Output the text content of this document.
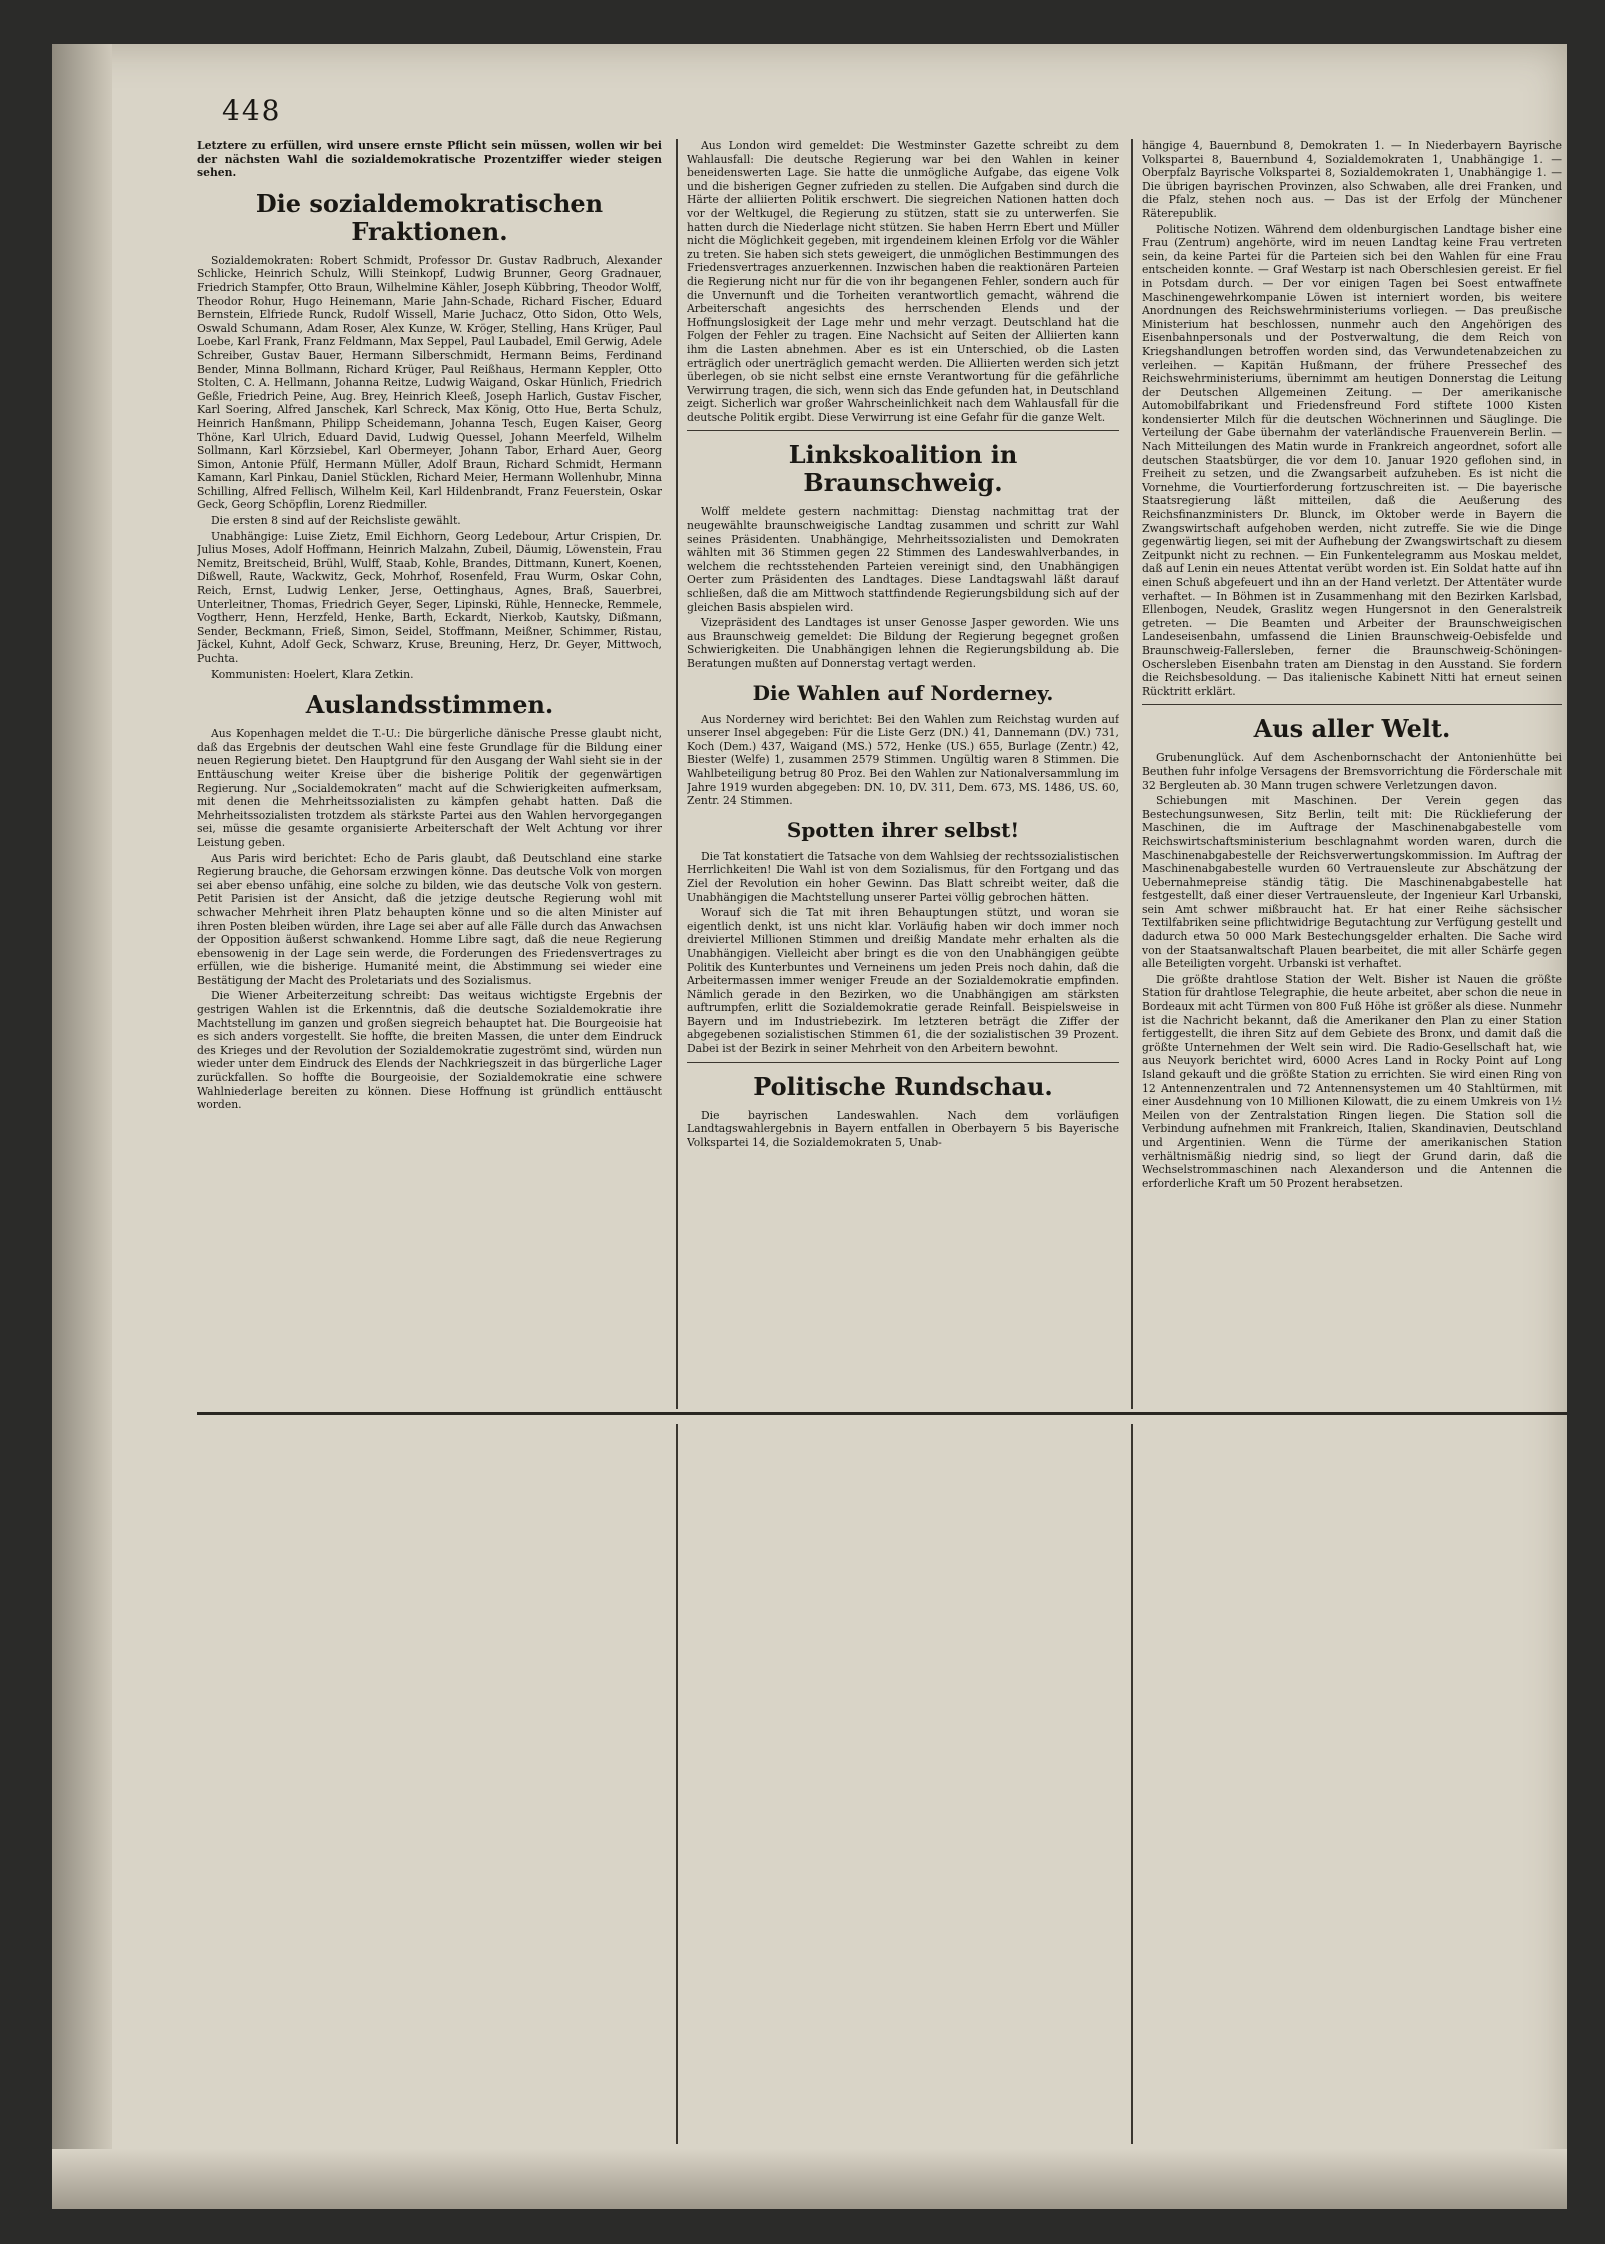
448

Letztere zu erfüllen, wird unsere ernste Pflicht sein müssen, wollen wir bei der nächsten Wahl die sozialdemokratische Prozentziffer wieder steigen sehen.

Die sozialdemokratischen Fraktionen.

Sozialdemokraten: Robert Schmidt, Professor Dr. Gustav Radbruch, Alexander Schlicke, Heinrich Schulz, Willi Steinkopf, Ludwig Brunner, Georg Gradnauer, Friedrich Stampfer, Otto Braun, Wilhelmine Kähler, Joseph Kübbring, Theodor Wolff, Theodor Rohur, Hugo Heinemann, Marie Jahn-Schade, Richard Fischer, Eduard Bernstein, Elfriede Runck, Rudolf Wissell, Marie Juchacz, Otto Sidon, Otto Wels, Oswald Schumann, Adam Roser, Alex Kunze, W. Kröger, Stelling, Hans Krüger, Paul Loebe, Karl Frank, Franz Feldmann, Max Seppel, Paul Laubadel, Emil Gerwig, Adele Schreiber, Gustav Bauer, Hermann Silberschmidt, Hermann Beims, Ferdinand Bender, Minna Bollmann, Richard Krüger, Paul Reißhaus, Hermann Keppler, Otto Stolten, C. A. Hellmann, Johanna Reitze, Ludwig Waigand, Oskar Hünlich, Friedrich Geßle, Friedrich Peine, Aug. Brey, Heinrich Kleeß, Joseph Harlich, Gustav Fischer, Karl Soering, Alfred Janschek, Karl Schreck, Max König, Otto Hue, Berta Schulz, Heinrich Hanßmann, Philipp Scheidemann, Johanna Tesch, Eugen Kaiser, Georg Thöne, Karl Ulrich, Eduard David, Ludwig Quessel, Johann Meerfeld, Wilhelm Sollmann, Karl Körzsiebel, Karl Obermeyer, Johann Tabor, Erhard Auer, Georg Simon, Antonie Pfülf, Hermann Müller, Adolf Braun, Richard Schmidt, Hermann Kamann, Karl Pinkau, Daniel Stücklen, Richard Meier, Hermann Wollenhubr, Minna Schilling, Alfred Fellisch, Wilhelm Keil, Karl Hildenbrandt, Franz Feuerstein, Oskar Geck, Georg Schöpflin, Lorenz Riedmiller.

Die ersten 8 sind auf der Reichsliste gewählt.

Unabhängige: Luise Zietz, Emil Eichhorn, Georg Ledebour, Artur Crispien, Dr. Julius Moses, Adolf Hoffmann, Heinrich Malzahn, Zubeil, Däumig, Löwenstein, Frau Nemitz, Breitscheid, Brühl, Wulff, Staab, Kohle, Brandes, Dittmann, Kunert, Koenen, Dißwell, Raute, Wackwitz, Geck, Mohrhof, Rosenfeld, Frau Wurm, Oskar Cohn, Reich, Ernst, Ludwig Lenker, Jerse, Oettinghaus, Agnes, Braß, Sauerbrei, Unterleitner, Thomas, Friedrich Geyer, Seger, Lipinski, Rühle, Hennecke, Remmele, Vogtherr, Henn, Herzfeld, Henke, Barth, Eckardt, Nierkob, Kautsky, Dißmann, Sender, Beckmann, Frieß, Simon, Seidel, Stoffmann, Meißner, Schimmer, Ristau, Jäckel, Kuhnt, Adolf Geck, Schwarz, Kruse, Breuning, Herz, Dr. Geyer, Mittwoch, Puchta.

Kommunisten: Hoelert, Klara Zetkin.

Auslandsstimmen.

Aus Kopenhagen meldet die T.-U.: Die bürgerliche dänische Presse glaubt nicht, daß das Ergebnis der deutschen Wahl eine feste Grundlage für die Bildung einer neuen Regierung bietet. Den Hauptgrund für den Ausgang der Wahl sieht sie in der Enttäuschung weiter Kreise über die bisherige Politik der gegenwärtigen Regierung. Nur „Socialdemokraten“ macht auf die Schwierigkeiten aufmerksam, mit denen die Mehrheitssozialisten zu kämpfen gehabt hatten. Daß die Mehrheitssozialisten trotzdem als stärkste Partei aus den Wahlen hervorgegangen sei, müsse die gesamte organisierte Arbeiterschaft der Welt Achtung vor ihrer Leistung geben.

Aus Paris wird berichtet: Echo de Paris glaubt, daß Deutschland eine starke Regierung brauche, die Gehorsam erzwingen könne. Das deutsche Volk von morgen sei aber ebenso unfähig, eine solche zu bilden, wie das deutsche Volk von gestern. Petit Parisien ist der Ansicht, daß die jetzige deutsche Regierung wohl mit schwacher Mehrheit ihren Platz behaupten könne und so die alten Minister auf ihren Posten bleiben würden, ihre Lage sei aber auf alle Fälle durch das Anwachsen der Opposition äußerst schwankend. Homme Libre sagt, daß die neue Regierung ebensowenig in der Lage sein werde, die Forderungen des Friedensvertrages zu erfüllen, wie die bisherige. Humanité meint, die Abstimmung sei wieder eine Bestätigung der Macht des Proletariats und des Sozialismus.

Die Wiener Arbeiterzeitung schreibt: Das weitaus wichtigste Ergebnis der gestrigen Wahlen ist die Erkenntnis, daß die deutsche Sozialdemokratie ihre Machtstellung im ganzen und großen siegreich behauptet hat. Die Bourgeoisie hat es sich anders vorgestellt. Sie hoffte, die breiten Massen, die unter dem Eindruck des Krieges und der Revolution der Sozialdemokratie zugeströmt sind, würden nun wieder unter dem Eindruck des Elends der Nachkriegszeit in das bürgerliche Lager zurückfallen. So hoffte die Bourgeoisie, der Sozialdemokratie eine schwere Wahlniederlage bereiten zu können. Diese Hoffnung ist gründlich enttäuscht worden.

Aus London wird gemeldet: Die Westminster Gazette schreibt zu dem Wahlausfall: Die deutsche Regierung war bei den Wahlen in keiner beneidenswerten Lage. Sie hatte die unmögliche Aufgabe, das eigene Volk und die bisherigen Gegner zufrieden zu stellen. Die Aufgaben sind durch die Härte der alliierten Politik erschwert. Die siegreichen Nationen hatten doch vor der Weltkugel, die Regierung zu stützen, statt sie zu unterwerfen. Sie hatten durch die Niederlage nicht stützen. Sie haben Herrn Ebert und Müller nicht die Möglichkeit gegeben, mit irgendeinem kleinen Erfolg vor die Wähler zu treten. Sie haben sich stets geweigert, die unmöglichen Bestimmungen des Friedensvertrages anzuerkennen. Inzwischen haben die reaktionären Parteien die Regierung nicht nur für die von ihr begangenen Fehler, sondern auch für die Unvernunft und die Torheiten verantwortlich gemacht, während die Arbeiterschaft angesichts des herrschenden Elends und der Hoffnungslosigkeit der Lage mehr und mehr verzagt. Deutschland hat die Folgen der Fehler zu tragen. Eine Nachsicht auf Seiten der Alliierten kann ihm die Lasten abnehmen. Aber es ist ein Unterschied, ob die Lasten erträglich oder unerträglich gemacht werden. Die Alliierten werden sich jetzt überlegen, ob sie nicht selbst eine ernste Verantwortung für die gefährliche Verwirrung tragen, die sich, wenn sich das Ende gefunden hat, in Deutschland zeigt. Sicherlich war großer Wahrscheinlichkeit nach dem Wahlausfall für die deutsche Politik ergibt. Diese Verwirrung ist eine Gefahr für die ganze Welt.

Linkskoalition in Braunschweig.

Wolff meldete gestern nachmittag: Dienstag nachmittag trat der neugewählte braunschweigische Landtag zusammen und schritt zur Wahl seines Präsidenten. Unabhängige, Mehrheitssozialisten und Demokraten wählten mit 36 Stimmen gegen 22 Stimmen des Landeswahlverbandes, in welchem die rechtsstehenden Parteien vereinigt sind, den Unabhängigen Oerter zum Präsidenten des Landtages. Diese Landtagswahl läßt darauf schließen, daß die am Mittwoch stattfindende Regierungsbildung sich auf der gleichen Basis abspielen wird.

Vizepräsident des Landtages ist unser Genosse Jasper geworden. Wie uns aus Braunschweig gemeldet: Die Bildung der Regierung begegnet großen Schwierigkeiten. Die Unabhängigen lehnen die Regierungsbildung ab. Die Beratungen mußten auf Donnerstag vertagt werden.

Die Wahlen auf Norderney.

Aus Norderney wird berichtet: Bei den Wahlen zum Reichstag wurden auf unserer Insel abgegeben: Für die Liste Gerz (DN.) 41, Dannemann (DV.) 731, Koch (Dem.) 437, Waigand (MS.) 572, Henke (US.) 655, Burlage (Zentr.) 42, Biester (Welfe) 1, zusammen 2579 Stimmen. Ungültig waren 8 Stimmen. Die Wahlbeteiligung betrug 80 Proz. Bei den Wahlen zur Nationalversammlung im Jahre 1919 wurden abgegeben: DN. 10, DV. 311, Dem. 673, MS. 1486, US. 60, Zentr. 24 Stimmen.

Spotten ihrer selbst!

Die Tat konstatiert die Tatsache von dem Wahlsieg der rechtssozialistischen Herrlichkeiten! Die Wahl ist von dem Sozialismus, für den Fortgang und das Ziel der Revolution ein hoher Gewinn. Das Blatt schreibt weiter, daß die Unabhängigen die Machtstellung unserer Partei völlig gebrochen hätten.

Worauf sich die Tat mit ihren Behauptungen stützt, und woran sie eigentlich denkt, ist uns nicht klar. Vorläufig haben wir doch immer noch dreiviertel Millionen Stimmen und dreißig Mandate mehr erhalten als die Unabhängigen. Vielleicht aber bringt es die von den Unabhängigen geübte Politik des Kunterbuntes und Verneinens um jeden Preis noch dahin, daß die Arbeitermassen immer weniger Freude an der Sozialdemokratie empfinden. Nämlich gerade in den Bezirken, wo die Unabhängigen am stärksten auftrumpfen, erlitt die Sozialdemokratie gerade Reinfall. Beispielsweise in Bayern und im Industriebezirk. Im letzteren beträgt die Ziffer der abgegebenen sozialistischen Stimmen 61, die der sozialistischen 39 Prozent. Dabei ist der Bezirk in seiner Mehrheit von den Arbeitern bewohnt.

Politische Rundschau.

Die bayrischen Landeswahlen. Nach dem vorläufigen Landtagswahlergebnis in Bayern entfallen in Oberbayern 5 bis Bayerische Volkspartei 14, die Sozialdemokraten 5, Unab-

hängige 4, Bauernbund 8, Demokraten 1. — In Niederbayern Bayrische Volkspartei 8, Bauernbund 4, Sozialdemokraten 1, Unabhängige 1. — Oberpfalz Bayrische Volkspartei 8, Sozialdemokraten 1, Unabhängige 1. — Die übrigen bayrischen Provinzen, also Schwaben, alle drei Franken, und die Pfalz, stehen noch aus. — Das ist der Erfolg der Münchener Räterepublik.

Politische Notizen. Während dem oldenburgischen Landtage bisher eine Frau (Zentrum) angehörte, wird im neuen Landtag keine Frau vertreten sein, da keine Partei für die Parteien sich bei den Wahlen für eine Frau entscheiden konnte. — Graf Westarp ist nach Oberschlesien gereist. Er fiel in Potsdam durch. — Der vor einigen Tagen bei Soest entwaffnete Maschinengewehrkompanie Löwen ist interniert worden, bis weitere Anordnungen des Reichswehrministeriums vorliegen. — Das preußische Ministerium hat beschlossen, nunmehr auch den Angehörigen des Eisenbahnpersonals und der Postverwaltung, die dem Reich von Kriegshandlungen betroffen worden sind, das Verwundetenabzeichen zu verleihen. — Kapitän Hußmann, der frühere Pressechef des Reichswehrministeriums, übernimmt am heutigen Donnerstag die Leitung der Deutschen Allgemeinen Zeitung. — Der amerikanische Automobilfabrikant und Friedensfreund Ford stiftete 1000 Kisten kondensierter Milch für die deutschen Wöchnerinnen und Säuglinge. Die Verteilung der Gabe übernahm der vaterländische Frauenverein Berlin. — Nach Mitteilungen des Matin wurde in Frankreich angeordnet, sofort alle deutschen Staatsbürger, die vor dem 10. Januar 1920 geflohen sind, in Freiheit zu setzen, und die Zwangsarbeit aufzuheben. Es ist nicht die Vornehme, die Vourtierforderung fortzuschreiten ist. — Die bayerische Staatsregierung läßt mitteilen, daß die Aeußerung des Reichsfinanzministers Dr. Blunck, im Oktober werde in Bayern die Zwangswirtschaft aufgehoben werden, nicht zutreffe. Sie wie die Dinge gegenwärtig liegen, sei mit der Aufhebung der Zwangswirtschaft zu diesem Zeitpunkt nicht zu rechnen. — Ein Funkentelegramm aus Moskau meldet, daß auf Lenin ein neues Attentat verübt worden ist. Ein Soldat hatte auf ihn einen Schuß abgefeuert und ihn an der Hand verletzt. Der Attentäter wurde verhaftet. — In Böhmen ist in Zusammenhang mit den Bezirken Karlsbad, Ellenbogen, Neudek, Graslitz wegen Hungersnot in den Generalstreik getreten. — Die Beamten und Arbeiter der Braunschweigischen Landeseisenbahn, umfassend die Linien Braunschweig-Oebisfelde und Braunschweig-Fallersleben, ferner die Braunschweig-Schöningen-Oschersleben Eisenbahn traten am Dienstag in den Ausstand. Sie fordern die Reichsbesoldung. — Das italienische Kabinett Nitti hat erneut seinen Rücktritt erklärt.

Aus aller Welt.

Grubenunglück. Auf dem Aschenbornschacht der Antonienhütte bei Beuthen fuhr infolge Versagens der Bremsvorrichtung die Förderschale mit 32 Bergleuten ab. 30 Mann trugen schwere Verletzungen davon.

Schiebungen mit Maschinen. Der Verein gegen das Bestechungsunwesen, Sitz Berlin, teilt mit: Die Rücklieferung der Maschinen, die im Auftrage der Maschinenabgabestelle vom Reichswirtschaftsministerium beschlagnahmt worden waren, durch die Maschinenabgabestelle der Reichsverwertungskommission. Im Auftrag der Maschinenabgabestelle wurden 60 Vertrauensleute zur Abschätzung der Uebernahmepreise ständig tätig. Die Maschinenabgabestelle hat festgestellt, daß einer dieser Vertrauensleute, der Ingenieur Karl Urbanski, sein Amt schwer mißbraucht hat. Er hat einer Reihe sächsischer Textilfabriken seine pflichtwidrige Begutachtung zur Verfügung gestellt und dadurch etwa 50 000 Mark Bestechungsgelder erhalten. Die Sache wird von der Staatsanwaltschaft Plauen bearbeitet, die mit aller Schärfe gegen alle Beteiligten vorgeht. Urbanski ist verhaftet.

Die größte drahtlose Station der Welt. Bisher ist Nauen die größte Station für drahtlose Telegraphie, die heute arbeitet, aber schon die neue in Bordeaux mit acht Türmen von 800 Fuß Höhe ist größer als diese. Nunmehr ist die Nachricht bekannt, daß die Amerikaner den Plan zu einer Station fertiggestellt, die ihren Sitz auf dem Gebiete des Bronx, und damit daß die größte Unternehmen der Welt sein wird. Die Radio-Gesellschaft hat, wie aus Neuyork berichtet wird, 6000 Acres Land in Rocky Point auf Long Island gekauft und die größte Station zu errichten. Sie wird einen Ring von 12 Antennenzentralen und 72 Antennensystemen um 40 Stahltürmen, mit einer Ausdehnung von 10 Millionen Kilowatt, die zu einem Umkreis von 1½ Meilen von der Zentralstation Ringen liegen. Die Station soll die Verbindung aufnehmen mit Frankreich, Italien, Skandinavien, Deutschland und Argentinien. Wenn die Türme der amerikanischen Station verhältnismäßig niedrig sind, so liegt der Grund darin, daß die Wechselstrommaschinen nach Alexanderson und die Antennen die erforderliche Kraft um 50 Prozent herabsetzen.
